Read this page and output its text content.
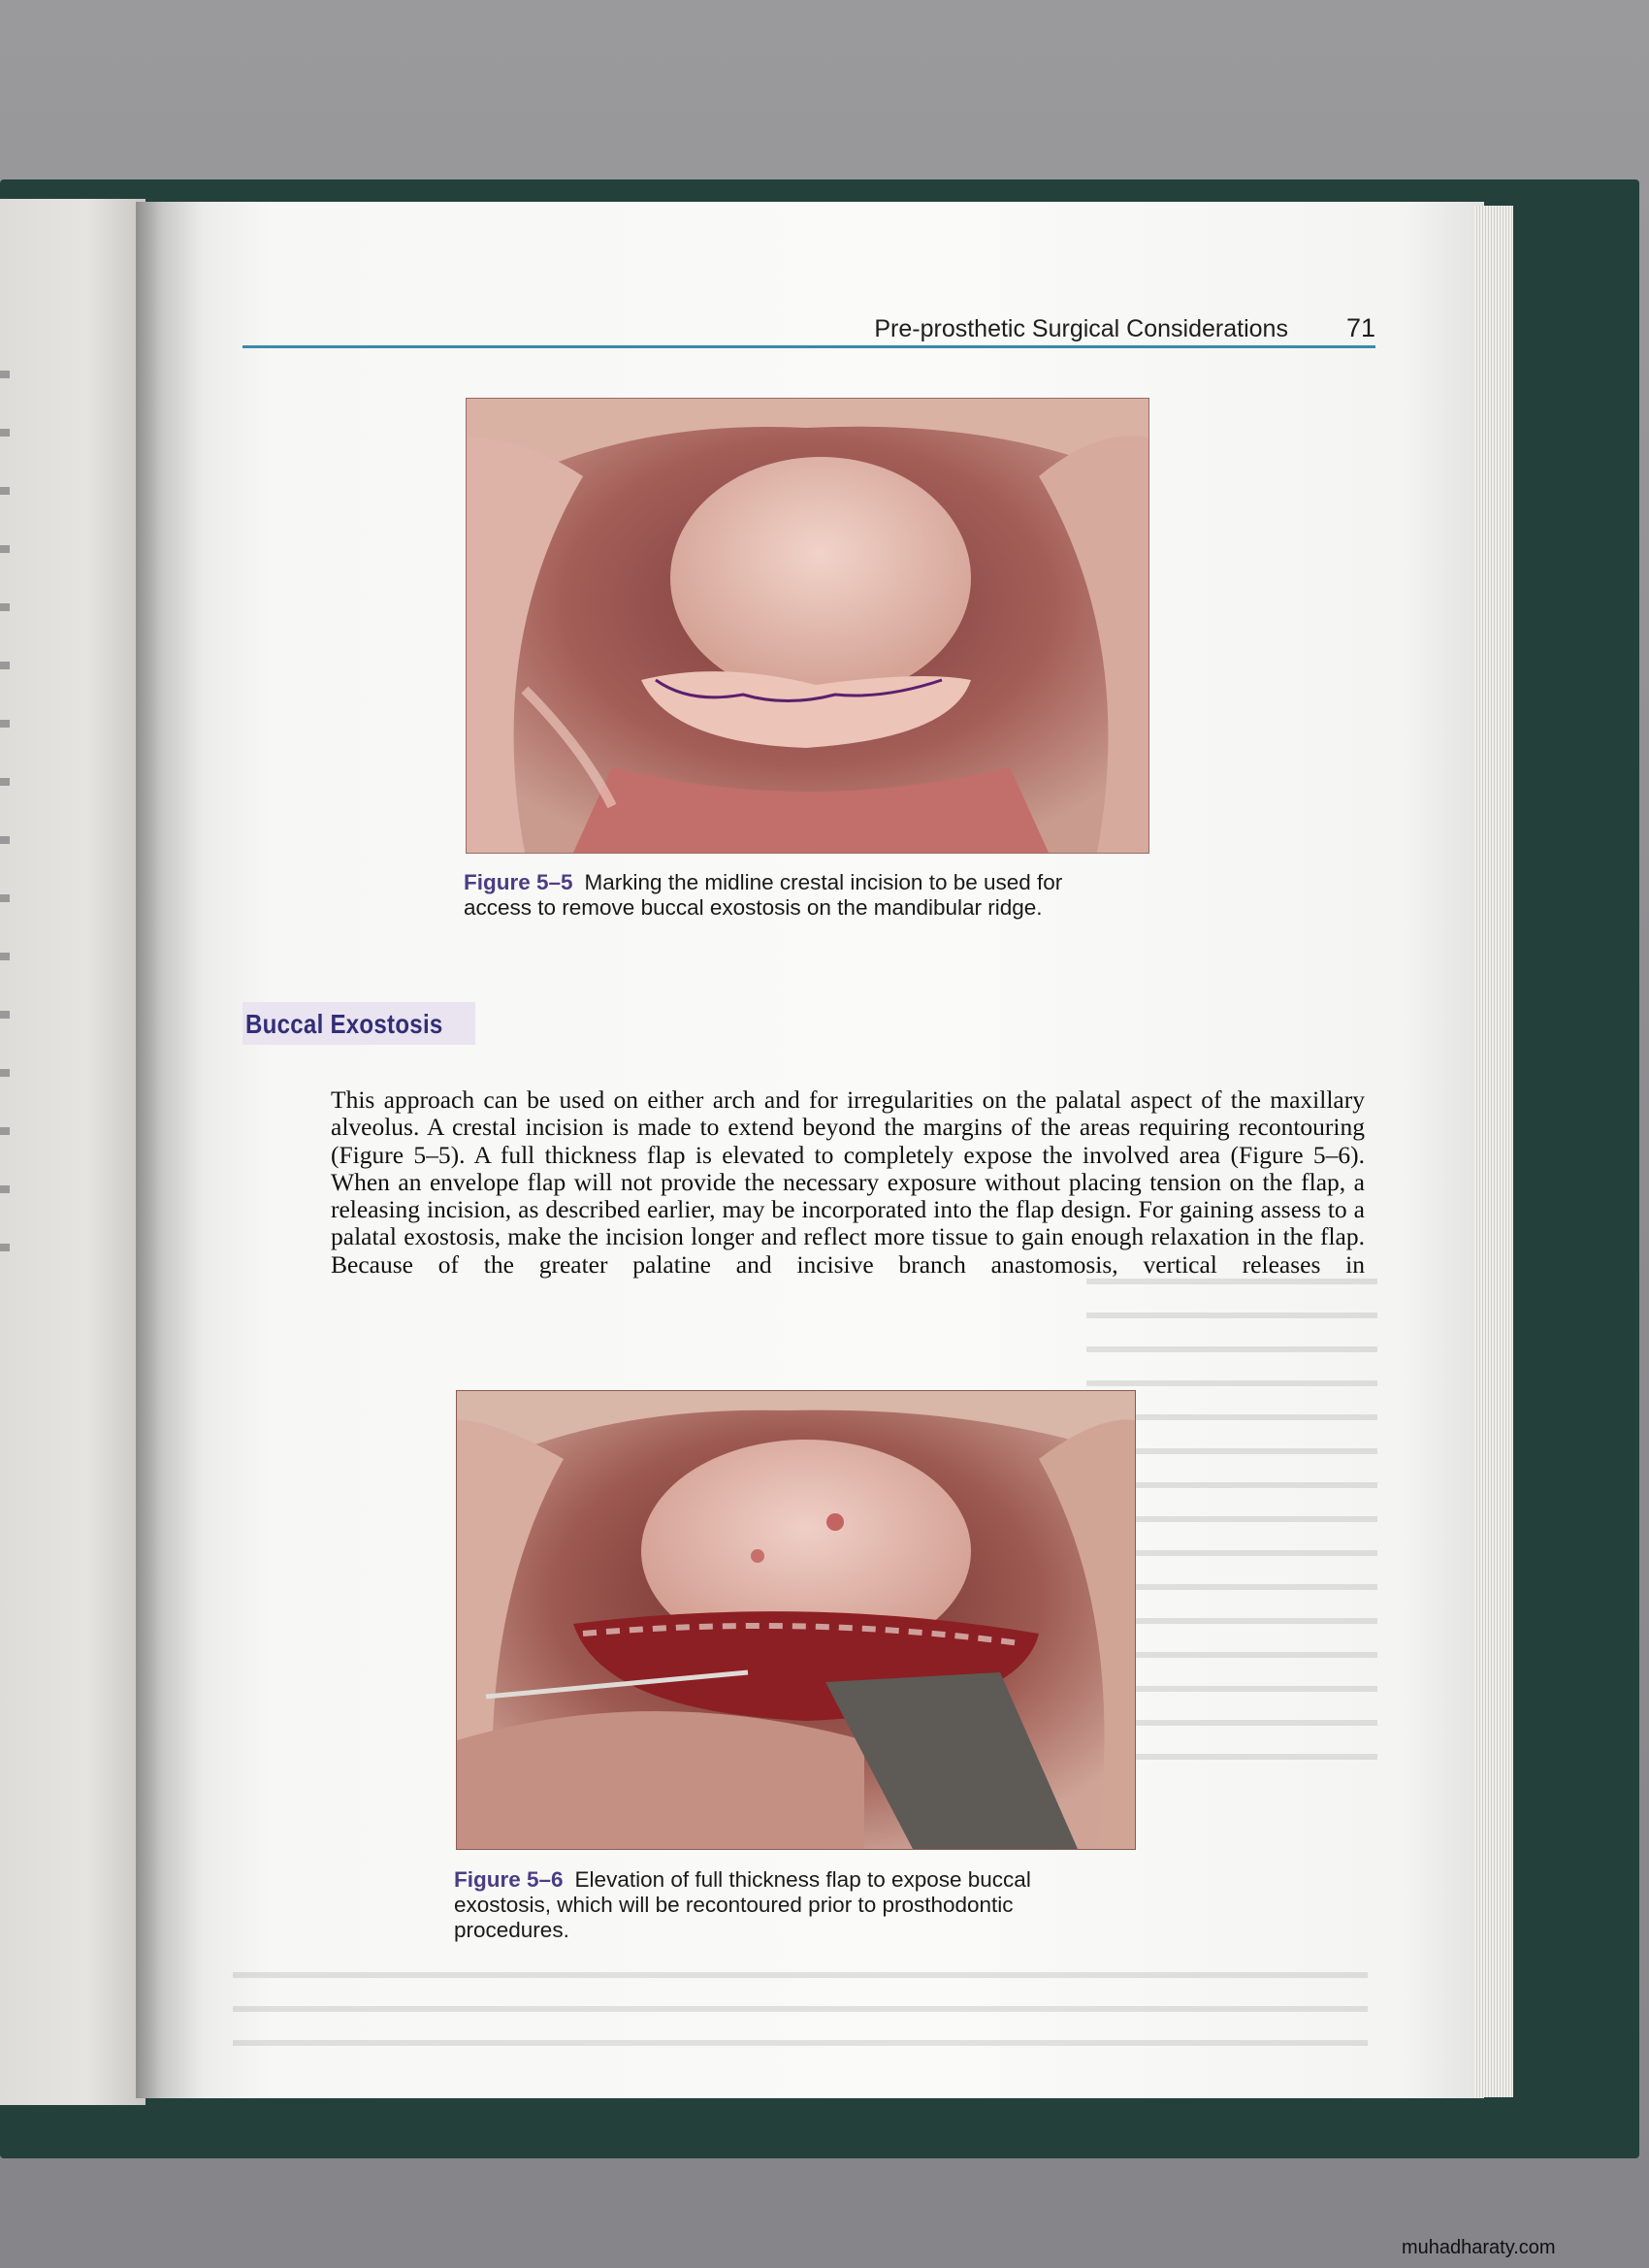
Pre-prosthetic Surgical Considerations 71
Figure 5–5 Marking the midline crestal incision to be used for access to remove buccal exostosis on the mandibular ridge.
Buccal Exostosis
This approach can be used on either arch and for irregularities on the palatal aspect of the maxillary alveolus. A crestal incision is made to extend beyond the margins of the areas requiring recontouring (Figure 5–5). A full thickness flap is elevated to completely expose the involved area (Figure 5–6). When an envelope flap will not provide the necessary exposure without placing tension on the flap, a releasing incision, as described earlier, may be incorporated into the flap design. For gaining assess to a palatal exostosis, make the incision longer and reflect more tissue to gain enough relaxation in the flap. Because of the greater palatine and incisive branch anastomosis, vertical releases in
Figure 5–6 Elevation of full thickness flap to expose buccal exostosis, which will be recontoured prior to prosthodontic procedures.
muhadharaty.com
